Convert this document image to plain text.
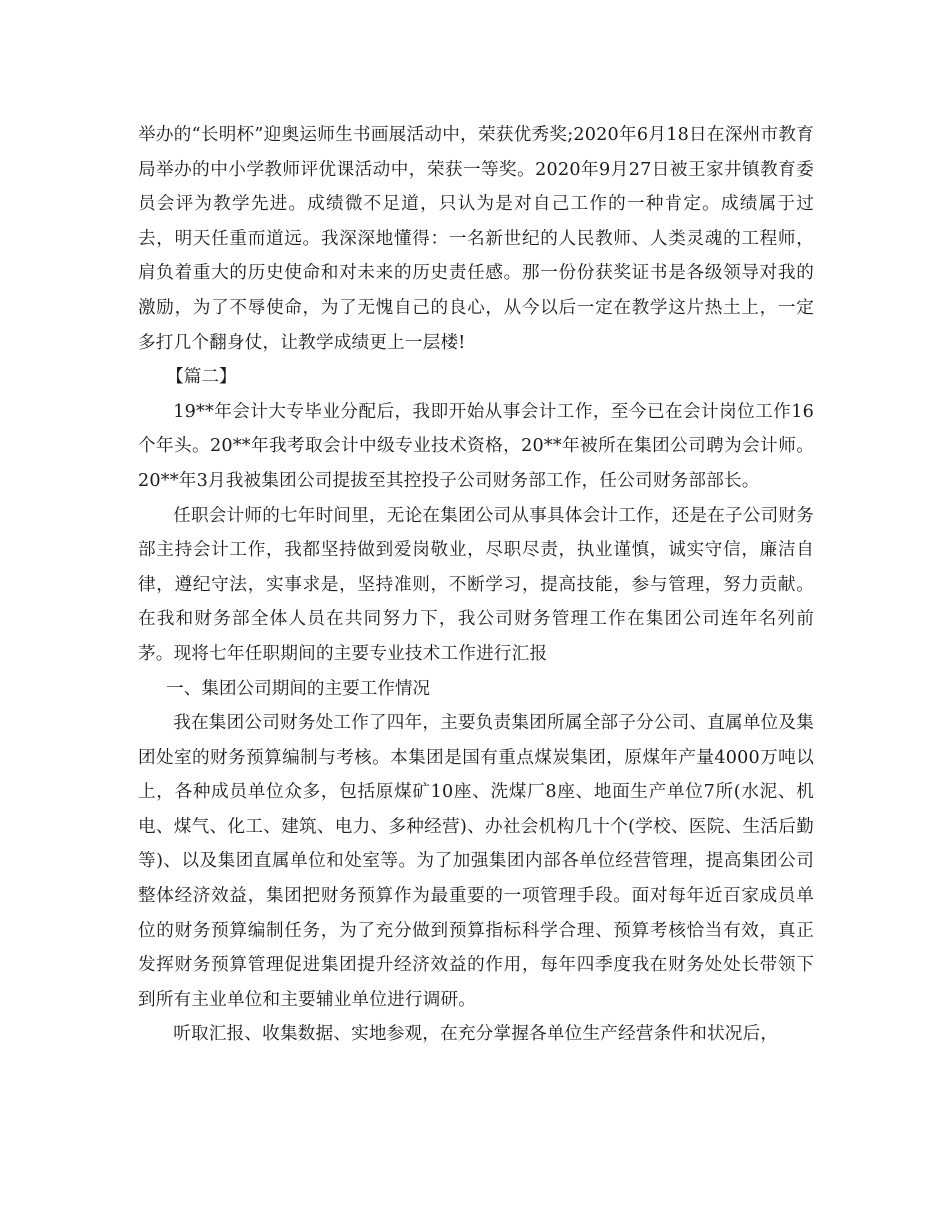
举办的“长明杯”迎奥运师生书画展活动中，荣获优秀奖;2020年6月18日在深州市教育局举办的中小学教师评优课活动中，荣获一等奖。2020年9月27日被王家井镇教育委员会评为教学先进。成绩微不足道，只认为是对自己工作的一种肯定。成绩属于过去，明天任重而道远。我深深地懂得：一名新世纪的人民教师、人类灵魂的工程师，肩负着重大的历史使命和对未来的历史责任感。那一份份获奖证书是各级领导对我的激励，为了不辱使命，为了无愧自己的良心，从今以后一定在教学这片热土上，一定多打几个翻身仗，让教学成绩更上一层楼!

【篇二】

19**年会计大专毕业分配后，我即开始从事会计工作，至今已在会计岗位工作16个年头。20**年我考取会计中级专业技术资格，20**年被所在集团公司聘为会计师。20**年3月我被集团公司提拔至其控投子公司财务部工作，任公司财务部部长。

任职会计师的七年时间里，无论在集团公司从事具体会计工作，还是在子公司财务部主持会计工作，我都坚持做到爱岗敬业，尽职尽责，执业谨慎，诚实守信，廉洁自律，遵纪守法，实事求是，坚持准则，不断学习，提高技能，参与管理，努力贡献。在我和财务部全体人员在共同努力下，我公司财务管理工作在集团公司连年名列前茅。现将七年任职期间的主要专业技术工作进行汇报

一、集团公司期间的主要工作情况

我在集团公司财务处工作了四年，主要负责集团所属全部子分公司、直属单位及集团处室的财务预算编制与考核。本集团是国有重点煤炭集团，原煤年产量4000万吨以上，各种成员单位众多，包括原煤矿10座、洗煤厂8座、地面生产单位7所(水泥、机电、煤气、化工、建筑、电力、多种经营)、办社会机构几十个(学校、医院、生活后勤等)、以及集团直属单位和处室等。为了加强集团内部各单位经营管理，提高集团公司整体经济效益，集团把财务预算作为最重要的一项管理手段。面对每年近百家成员单位的财务预算编制任务，为了充分做到预算指标科学合理、预算考核恰当有效，真正发挥财务预算管理促进集团提升经济效益的作用，每年四季度我在财务处处长带领下到所有主业单位和主要辅业单位进行调研。

听取汇报、收集数据、实地参观，在充分掌握各单位生产经营条件和状况后，
